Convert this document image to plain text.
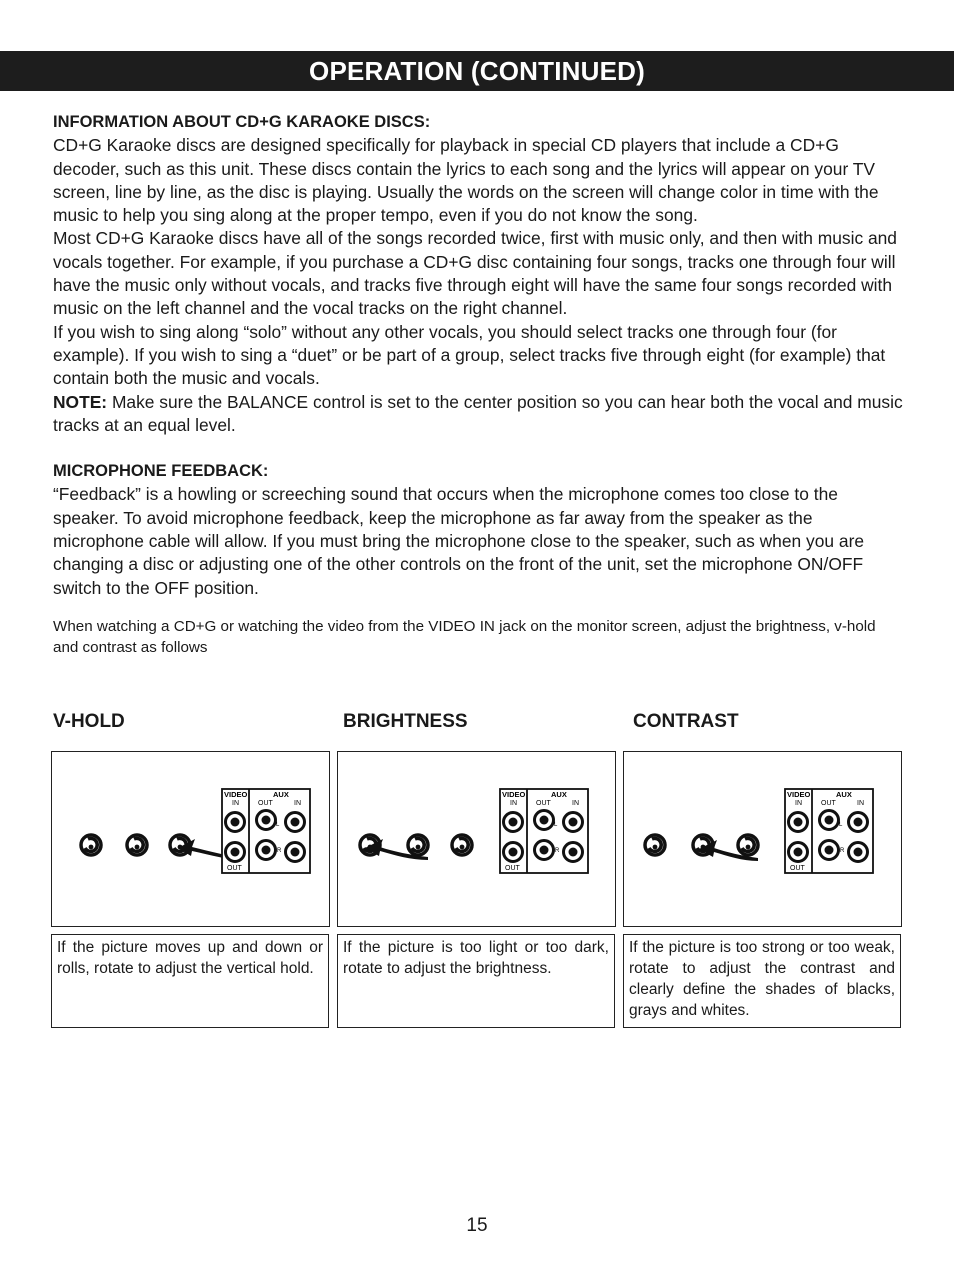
OPERATION (CONTINUED)

INFORMATION ABOUT CD+G KARAOKE DISCS:

CD+G Karaoke discs are designed specifically for playback in special CD players that include a CD+G decoder, such as this unit. These discs contain the lyrics to each song and the lyrics will appear on your TV screen, line by line, as the disc is playing. Usually the words on the screen will change color in time with the music to help you sing along at the proper tempo, even if you do not know the song.

Most CD+G Karaoke discs have all of the songs recorded twice, first with music only, and then with music and vocals together. For example, if you purchase a CD+G disc containing four songs, tracks one through four will have the music only without vocals, and tracks five through eight will have the same four songs recorded with music on the left channel and the vocal tracks on the right channel.

If you wish to sing along “solo” without any other vocals, you should select tracks one through four (for example). If you wish to sing a “duet” or be part of a group, select tracks five through eight (for example) that contain both the music and vocals.

NOTE: Make sure the BALANCE control is set to the center position so you can hear both the vocal and music tracks at an equal level.

MICROPHONE FEEDBACK:

“Feedback” is a howling or screeching sound that occurs when the microphone comes too close to the speaker. To avoid microphone feedback, keep the microphone as far away from the speaker as the microphone cable will allow. If you must bring the microphone close to the speaker, such as when you are changing a disc or adjusting one of the other controls on the front of the unit, set the microphone ON/OFF switch to the OFF position.

When watching a CD+G or watching the video from the VIDEO IN jack on the monitor screen, adjust the brightness, v-hold and contrast as follows

V-HOLD	BRIGHTNESS	CONTRAST
VIDEO
IN
OUT
AUX
OUT	IN
L
R
VIDEO
IN
OUT
AUX
OUT	IN
L
R
VIDEO
IN
OUT
AUX
OUT	IN
L
R
If the picture moves up and down or rolls, rotate to adjust the vertical hold.
If the picture is too light or too dark, rotate to adjust the brightness.
If the picture is too strong or too weak, rotate to adjust the contrast and clearly define the shades of blacks, grays and whites.
15
